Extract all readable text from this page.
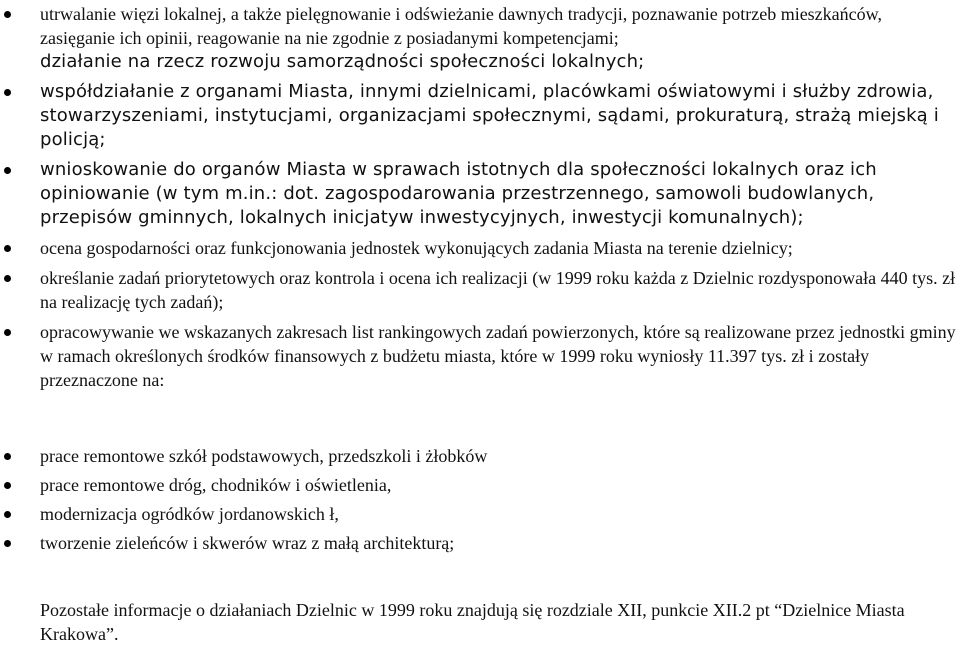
utrwalanie więzi lokalnej, a także pielęgnowanie i odświeżanie dawnych tradycji, poznawanie potrzeb mieszkańców, zasięganie ich opinii, reagowanie na nie zgodnie z posiadanymi kompetencjami;
działanie na rzecz rozwoju samorządności społeczności lokalnych;
współdziałanie z organami Miasta, innymi dzielnicami, placówkami oświatowymi i służby zdrowia, stowarzyszeniami, instytucjami, organizacjami społecznymi, sądami, prokuraturą, strażą miejską i policją;
wnioskowanie do organów Miasta w sprawach istotnych dla społeczności lokalnych oraz ich opiniowanie (w tym m.in.: dot. zagospodarowania przestrzennego, samowoli budowlanych, przepisów gminnych, lokalnych inicjatyw inwestycyjnych, inwestycji komunalnych);
ocena gospodarności oraz funkcjonowania jednostek wykonujących zadania Miasta na terenie dzielnicy;
określanie zadań priorytetowych oraz kontrola i ocena ich realizacji (w 1999 roku każda z Dzielnic rozdysponowała 440 tys. zł na realizację tych zadań);
opracowywanie we wskazanych zakresach list rankingowych zadań powierzonych, które są realizowane przez jednostki gminy w ramach określonych środków finansowych z budżetu miasta, które w 1999 roku wyniosły 11.397 tys. zł i zostały przeznaczone na:
prace remontowe szkół podstawowych, przedszkoli i żłobków
prace remontowe dróg, chodników i oświetlenia,
modernizacja ogródków jordanowskich ł,
tworzenie zieleńców i skwerów wraz z małą architekturą;

Pozostałe informacje o działaniach Dzielnic w 1999 roku znajdują się rozdziale XII, punkcie XII.2 pt “Dzielnice Miasta Krakowa”.
